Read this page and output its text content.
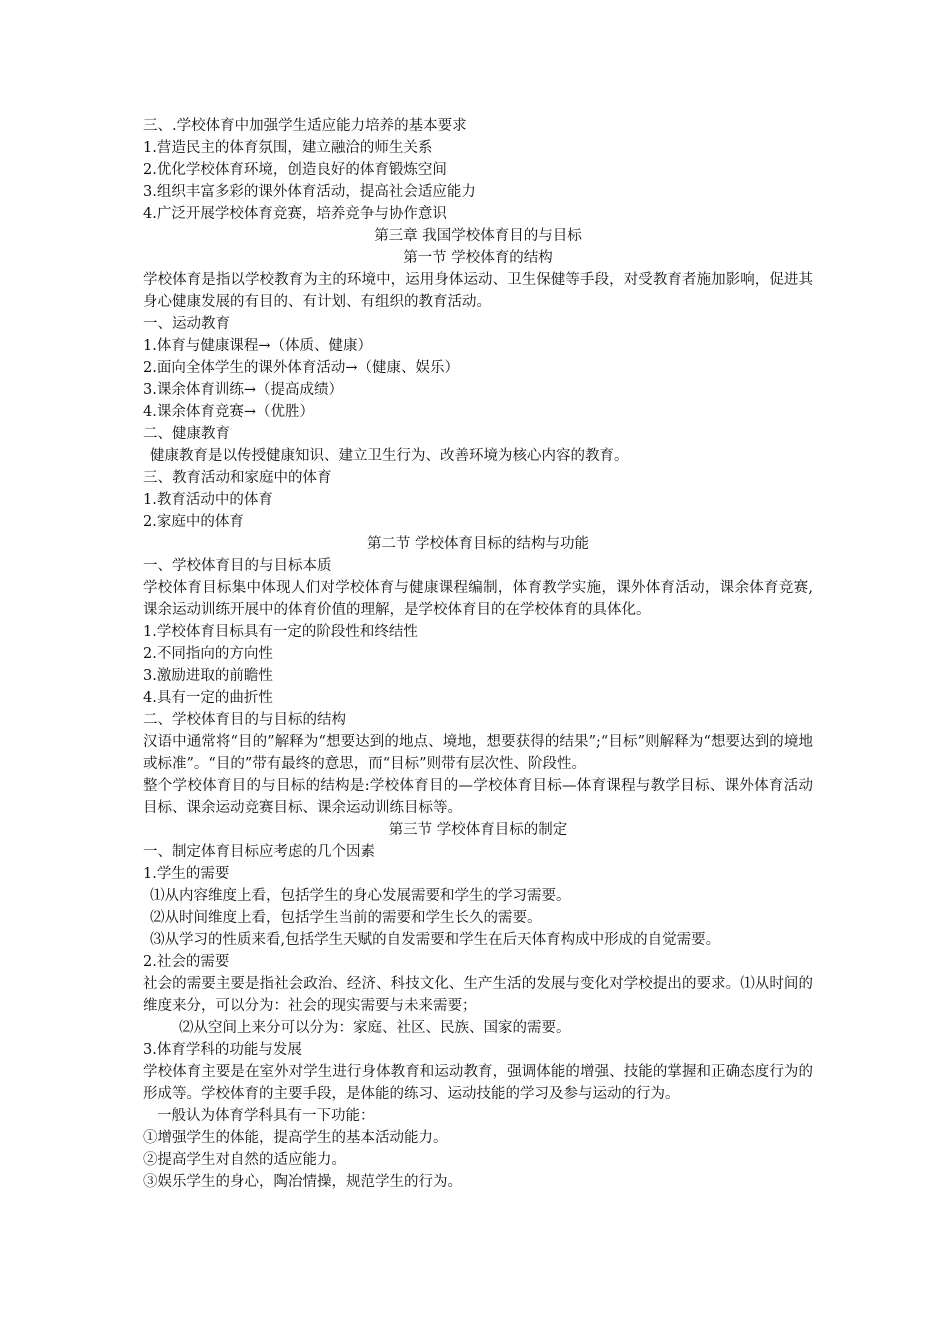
三、.学校体育中加强学生适应能力培养的基本要求
1.营造民主的体育氛围，建立融洽的师生关系
2.优化学校体育环境，创造良好的体育锻炼空间
3.组织丰富多彩的课外体育活动，提高社会适应能力
4.广泛开展学校体育竞赛，培养竞争与协作意识
第三章 我国学校体育目的与目标
第一节 学校体育的结构
学校体育是指以学校教育为主的环境中，运用身体运动、卫生保健等手段，对受教育者施加影响，促进其身心健康发展的有目的、有计划、有组织的教育活动。
一、运动教育
1.体育与健康课程→（体质、健康）
2.面向全体学生的课外体育活动→（健康、娱乐）
3.课余体育训练→（提高成绩）
4.课余体育竞赛→（优胜）
二、健康教育
健康教育是以传授健康知识、建立卫生行为、改善环境为核心内容的教育。
三、教育活动和家庭中的体育
1.教育活动中的体育
2.家庭中的体育
第二节 学校体育目标的结构与功能
一、学校体育目的与目标本质
学校体育目标集中体现人们对学校体育与健康课程编制，体育教学实施，课外体育活动，课余体育竞赛,课余运动训练开展中的体育价值的理解，是学校体育目的在学校体育的具体化。
1.学校体育目标具有一定的阶段性和终结性
2.不同指向的方向性
3.激励进取的前瞻性
4.具有一定的曲折性
二、学校体育目的与目标的结构
汉语中通常将“目的”解释为“想要达到的地点、境地，想要获得的结果”;“目标”则解释为“想要达到的境地或标准”。“目的”带有最终的意思，而“目标”则带有层次性、阶段性。
整个学校体育目的与目标的结构是:学校体育目的—学校体育目标—体育课程与教学目标、课外体育活动目标、课余运动竞赛目标、课余运动训练目标等。
第三节 学校体育目标的制定
一、制定体育目标应考虑的几个因素
1.学生的需要
⑴从内容维度上看，包括学生的身心发展需要和学生的学习需要。
⑵从时间维度上看，包括学生当前的需要和学生长久的需要。
⑶从学习的性质来看,包括学生天赋的自发需要和学生在后天体育构成中形成的自觉需要。
2.社会的需要
社会的需要主要是指社会政治、经济、科技文化、生产生活的发展与变化对学校提出的要求。⑴从时间的维度来分，可以分为：社会的现实需要与未来需要；
⑵从空间上来分可以分为：家庭、社区、民族、国家的需要。
3.体育学科的功能与发展
学校体育主要是在室外对学生进行身体教育和运动教育，强调体能的增强、技能的掌握和正确态度行为的形成等。学校体育的主要手段，是体能的练习、运动技能的学习及参与运动的行为。
一般认为体育学科具有一下功能：
①增强学生的体能，提高学生的基本活动能力。
②提高学生对自然的适应能力。
③娱乐学生的身心，陶冶情操，规范学生的行为。
